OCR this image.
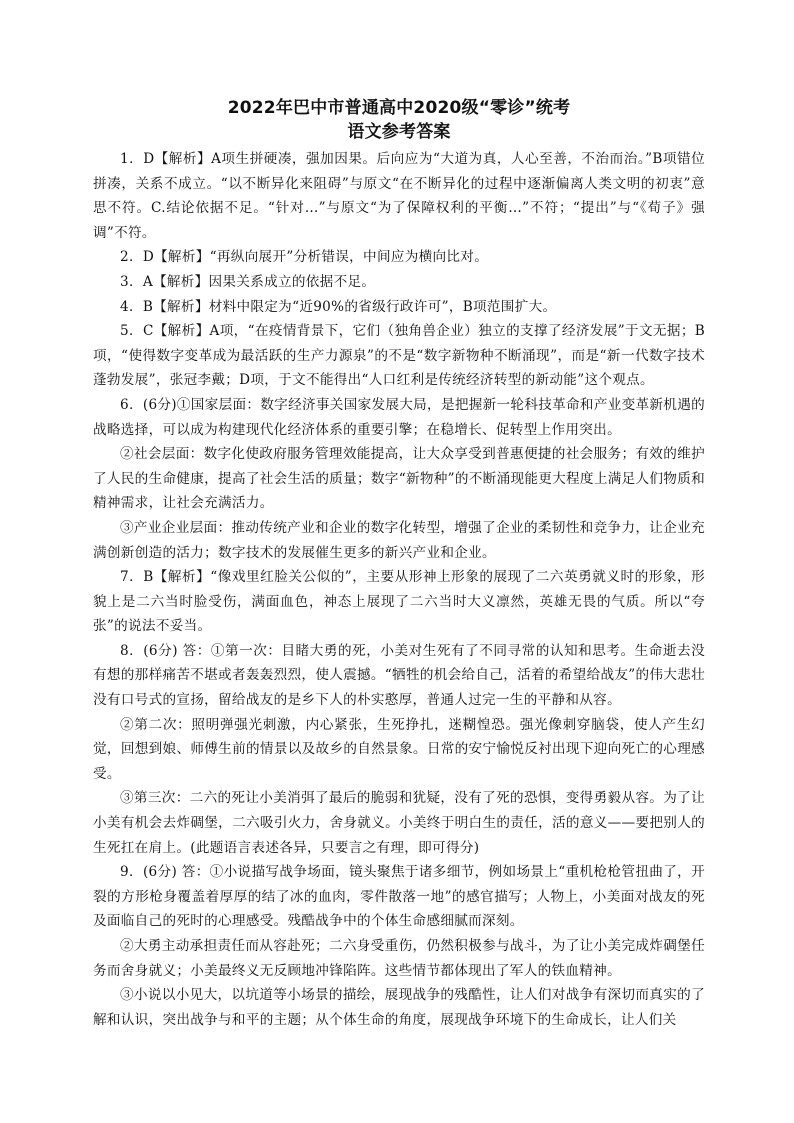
2022年巴中市普通高中2020级“零诊”统考
语文参考答案

1．D【解析】A项生拼硬凑，强加因果。后向应为“大道为真，人心至善，不治而治。”B项错位拼凑，关系不成立。“以不断异化来阻碍”与原文“在不断异化的过程中逐渐偏离人类文明的初衷”意思不符。C.结论依据不足。“针对…”与原文“为了保障权利的平衡…”不符；“提出”与“《荀子》强调”不符。

2．D【解析】“再纵向展开”分析错误，中间应为横向比对。

3．A【解析】因果关系成立的依据不足。

4．B【解析】材料中限定为“近90%的省级行政许可”，B项范围扩大。

5．C【解析】A项，“在疫情背景下，它们（独角兽企业）独立的支撑了经济发展”于文无据；B项，“使得数字变革成为最活跃的生产力源泉”的不是“数字新物种不断涌现”，而是“新一代数字技术蓬勃发展”，张冠李戴；D项，于文不能得出“人口红利是传统经济转型的新动能”这个观点。

6．(6分)①国家层面：数字经济事关国家发展大局，是把握新一轮科技革命和产业变革新机遇的战略选择，可以成为构建现代化经济体系的重要引擎；在稳增长、促转型上作用突出。

②社会层面：数字化使政府服务管理效能提高，让大众享受到普惠便捷的社会服务；有效的维护了人民的生命健康，提高了社会生活的质量；数字“新物种”的不断涌现能更大程度上满足人们物质和精神需求，让社会充满活力。

③产业企业层面：推动传统产业和企业的数字化转型，增强了企业的柔韧性和竞争力，让企业充满创新创造的活力；数字技术的发展催生更多的新兴产业和企业。

7．B【解析】“像戏里红脸关公似的”，主要从形神上形象的展现了二六英勇就义时的形象，形貌上是二六当时脸受伤，满面血色，神态上展现了二六当时大义凛然，英雄无畏的气质。所以“夸张”的说法不妥当。

8．(6分) 答：①第一次：目睹大勇的死，小美对生死有了不同寻常的认知和思考。生命逝去没有想的那样痛苦不堪或者轰轰烈烈，使人震撼。“牺牲的机会给自己，活着的希望给战友”的伟大悲壮没有口号式的宣扬，留给战友的是乡下人的朴实憨厚，普通人过完一生的平静和从容。

②第二次：照明弹强光刺激，内心紧张，生死挣扎，迷糊惶恐。强光像刺穿脑袋，使人产生幻觉，回想到娘、师傅生前的情景以及故乡的自然景象。日常的安宁愉悦反衬出现下迎向死亡的心理感受。

③第三次：二六的死让小美消弭了最后的脆弱和犹疑，没有了死的恐惧，变得勇毅从容。为了让小美有机会去炸碉堡，二六吸引火力，舍身就义。小美终于明白生的责任，活的意义——要把别人的生死扛在肩上。(此题语言表述各异，只要言之有理，即可得分)

9．(6分) 答：①小说描写战争场面，镜头聚焦于诸多细节，例如场景上“重机枪枪管扭曲了，开裂的方形枪身覆盖着厚厚的结了冰的血肉，零件散落一地”的感官描写；人物上，小美面对战友的死及面临自己的死时的心理感受。残酷战争中的个体生命感细腻而深刻。

②大勇主动承担责任而从容赴死；二六身受重伤，仍然积极参与战斗，为了让小美完成炸碉堡任务而舍身就义；小美最终义无反顾地冲锋陷阵。这些情节都体现出了军人的铁血精神。

③小说以小见大，以坑道等小场景的描绘，展现战争的残酷性，让人们对战争有深切而真实的了解和认识，突出战争与和平的主题；从个体生命的角度，展现战争环境下的生命成长，让人们关
